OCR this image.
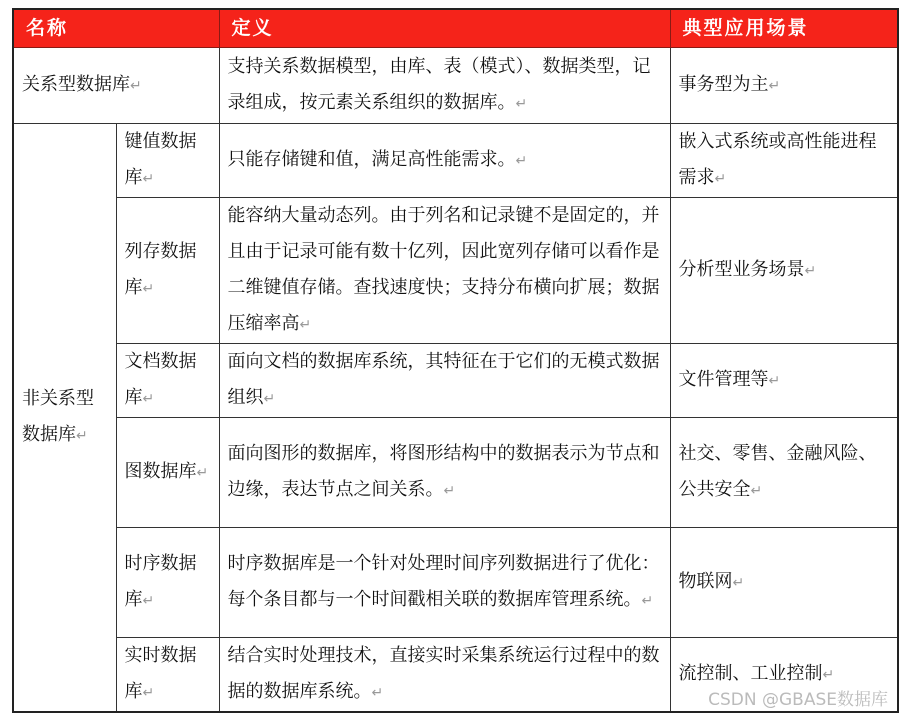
名称		定义	典型应用场景
关系型数据库↵		支持关系数据模型，由库、表（模式）、数据类型，记录组成，按元素关系组织的数据库。↵	事务型为主↵
非关系型数据库↵	键值数据库↵	只能存储键和值，满足高性能需求。↵	嵌入式系统或高性能进程需求↵
	列存数据库↵	能容纳大量动态列。由于列名和记录键不是固定的，并且由于记录可能有数十亿列，因此宽列存储可以看作是二维键值存储。查找速度快；支持分布横向扩展；数据压缩率高↵	分析型业务场景↵
	文档数据库↵	面向文档的数据库系统，其特征在于它们的无模式数据组织↵	文件管理等↵
	图数据库↵	面向图形的数据库，将图形结构中的数据表示为节点和边缘，表达节点之间关系。↵	社交、零售、金融风险、公共安全↵
	时序数据库↵	时序数据库是一个针对处理时间序列数据进行了优化：每个条目都与一个时间戳相关联的数据库管理系统。↵	物联网↵
	实时数据库↵	结合实时处理技术，直接实时采集系统运行过程中的数据的数据库系统。↵	流控制、工业控制↵
CSDN @GBASE数据库
